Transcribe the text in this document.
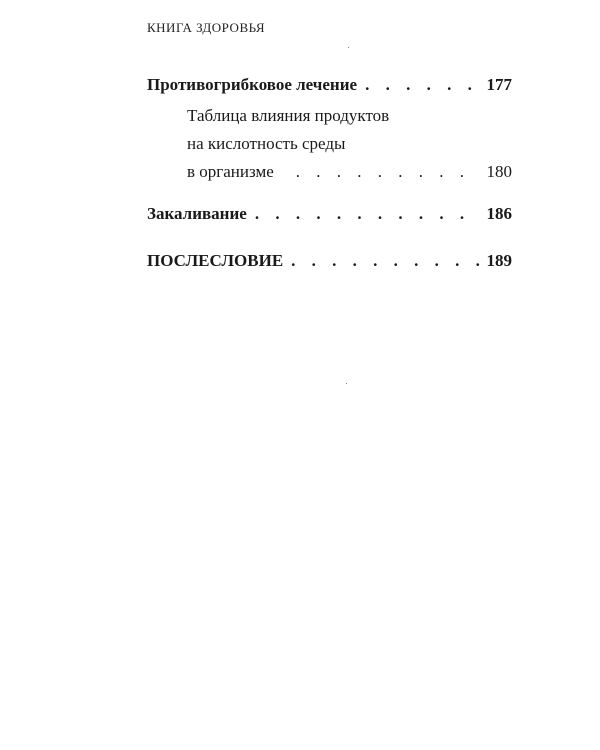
КНИГА ЗДОРОВЬЯ
Противогрибковое лечение . . .	177
Таблица влияния продуктов
на кислотность среды
в организме . . .	180
Закаливание . . .	186
ПОСЛЕСЛОВИЕ . . .	189
